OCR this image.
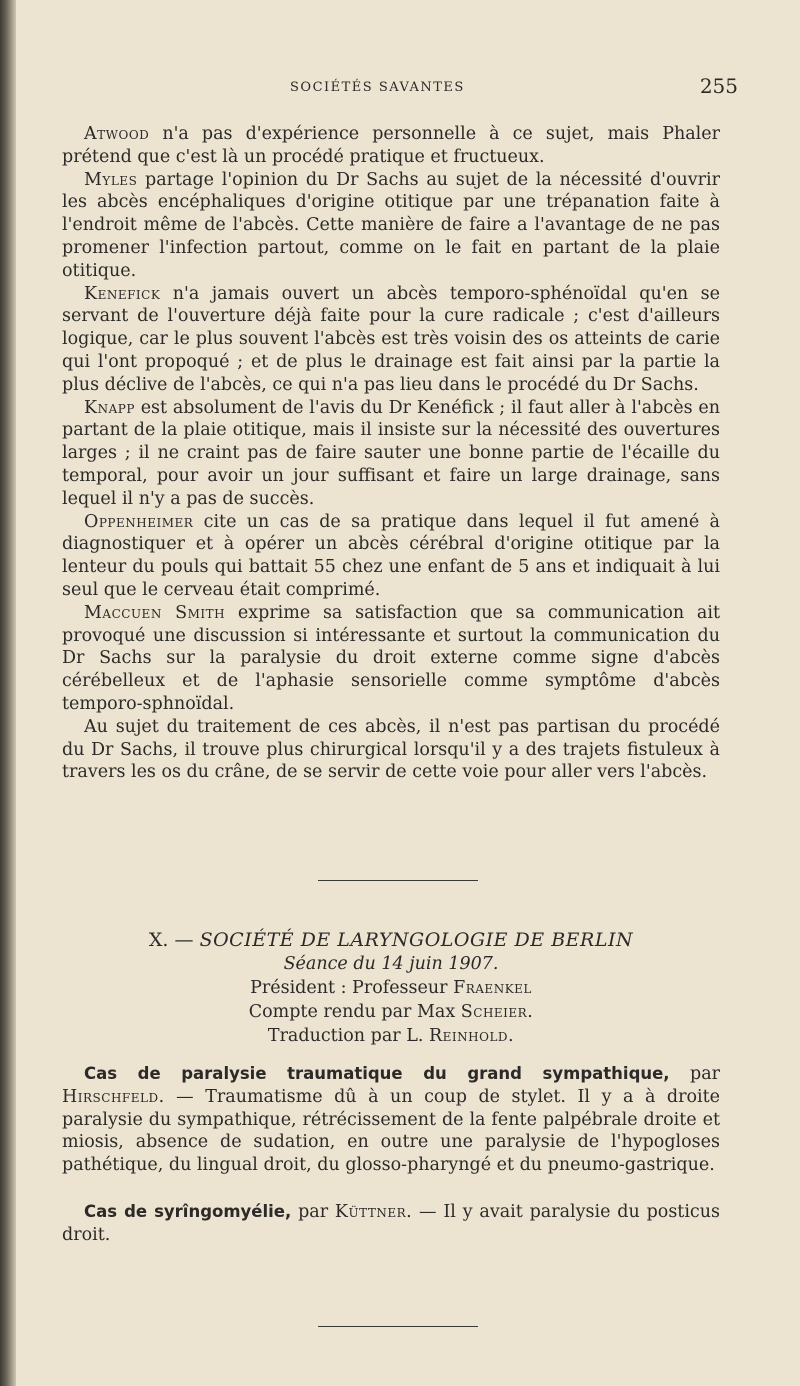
SOCIÉTÉS SAVANTES	255

Atwood n'a pas d'expérience personnelle à ce sujet, mais Phaler prétend que c'est là un procédé pratique et fructueux.

Myles partage l'opinion du Dr Sachs au sujet de la nécessité d'ouvrir les abcès encéphaliques d'origine otitique par une trépanation faite à l'endroit même de l'abcès. Cette manière de faire a l'avantage de ne pas promener l'infection partout, comme on le fait en partant de la plaie otitique.

Kenefick n'a jamais ouvert un abcès temporo-sphénoïdal qu'en se servant de l'ouverture déjà faite pour la cure radicale ; c'est d'ailleurs logique, car le plus souvent l'abcès est très voisin des os atteints de carie qui l'ont propoqué ; et de plus le drainage est fait ainsi par la partie la plus déclive de l'abcès, ce qui n'a pas lieu dans le procédé du Dr Sachs.

Knapp est absolument de l'avis du Dr Kenéfick ; il faut aller à l'abcès en partant de la plaie otitique, mais il insiste sur la nécessité des ouvertures larges ; il ne craint pas de faire sauter une bonne partie de l'écaille du temporal, pour avoir un jour suffisant et faire un large drainage, sans lequel il n'y a pas de succès.

Oppenheimer cite un cas de sa pratique dans lequel il fut amené à diagnostiquer et à opérer un abcès cérébral d'origine otitique par la lenteur du pouls qui battait 55 chez une enfant de 5 ans et indiquait à lui seul que le cerveau était comprimé.

Maccuen Smith exprime sa satisfaction que sa communication ait provoqué une discussion si intéressante et surtout la communication du Dr Sachs sur la paralysie du droit externe comme signe d'abcès cérébelleux et de l'aphasie sensorielle comme symptôme d'abcès temporo-sphnoïdal.

Au sujet du traitement de ces abcès, il n'est pas partisan du procédé du Dr Sachs, il trouve plus chirurgical lorsqu'il y a des trajets fistuleux à travers les os du crâne, de se servir de cette voie pour aller vers l'abcès.

X. — SOCIÉTÉ DE LARYNGOLOGIE DE BERLIN
Séance du 14 juin 1907.
Président : Professeur Fraenkel
Compte rendu par Max Scheier.
Traduction par L. Reinhold.

Cas de paralysie traumatique du grand sympathique, par Hirschfeld. — Traumatisme dû à un coup de stylet. Il y a à droite paralysie du sympathique, rétrécissement de la fente palpébrale droite et miosis, absence de sudation, en outre une paralysie de l'hypogloses pathétique, du lingual droit, du glosso-pharyngé et du pneumo-gastrique.

Cas de syrîngomyélie, par Küttner. — Il y avait paralysie du posticus droit.
